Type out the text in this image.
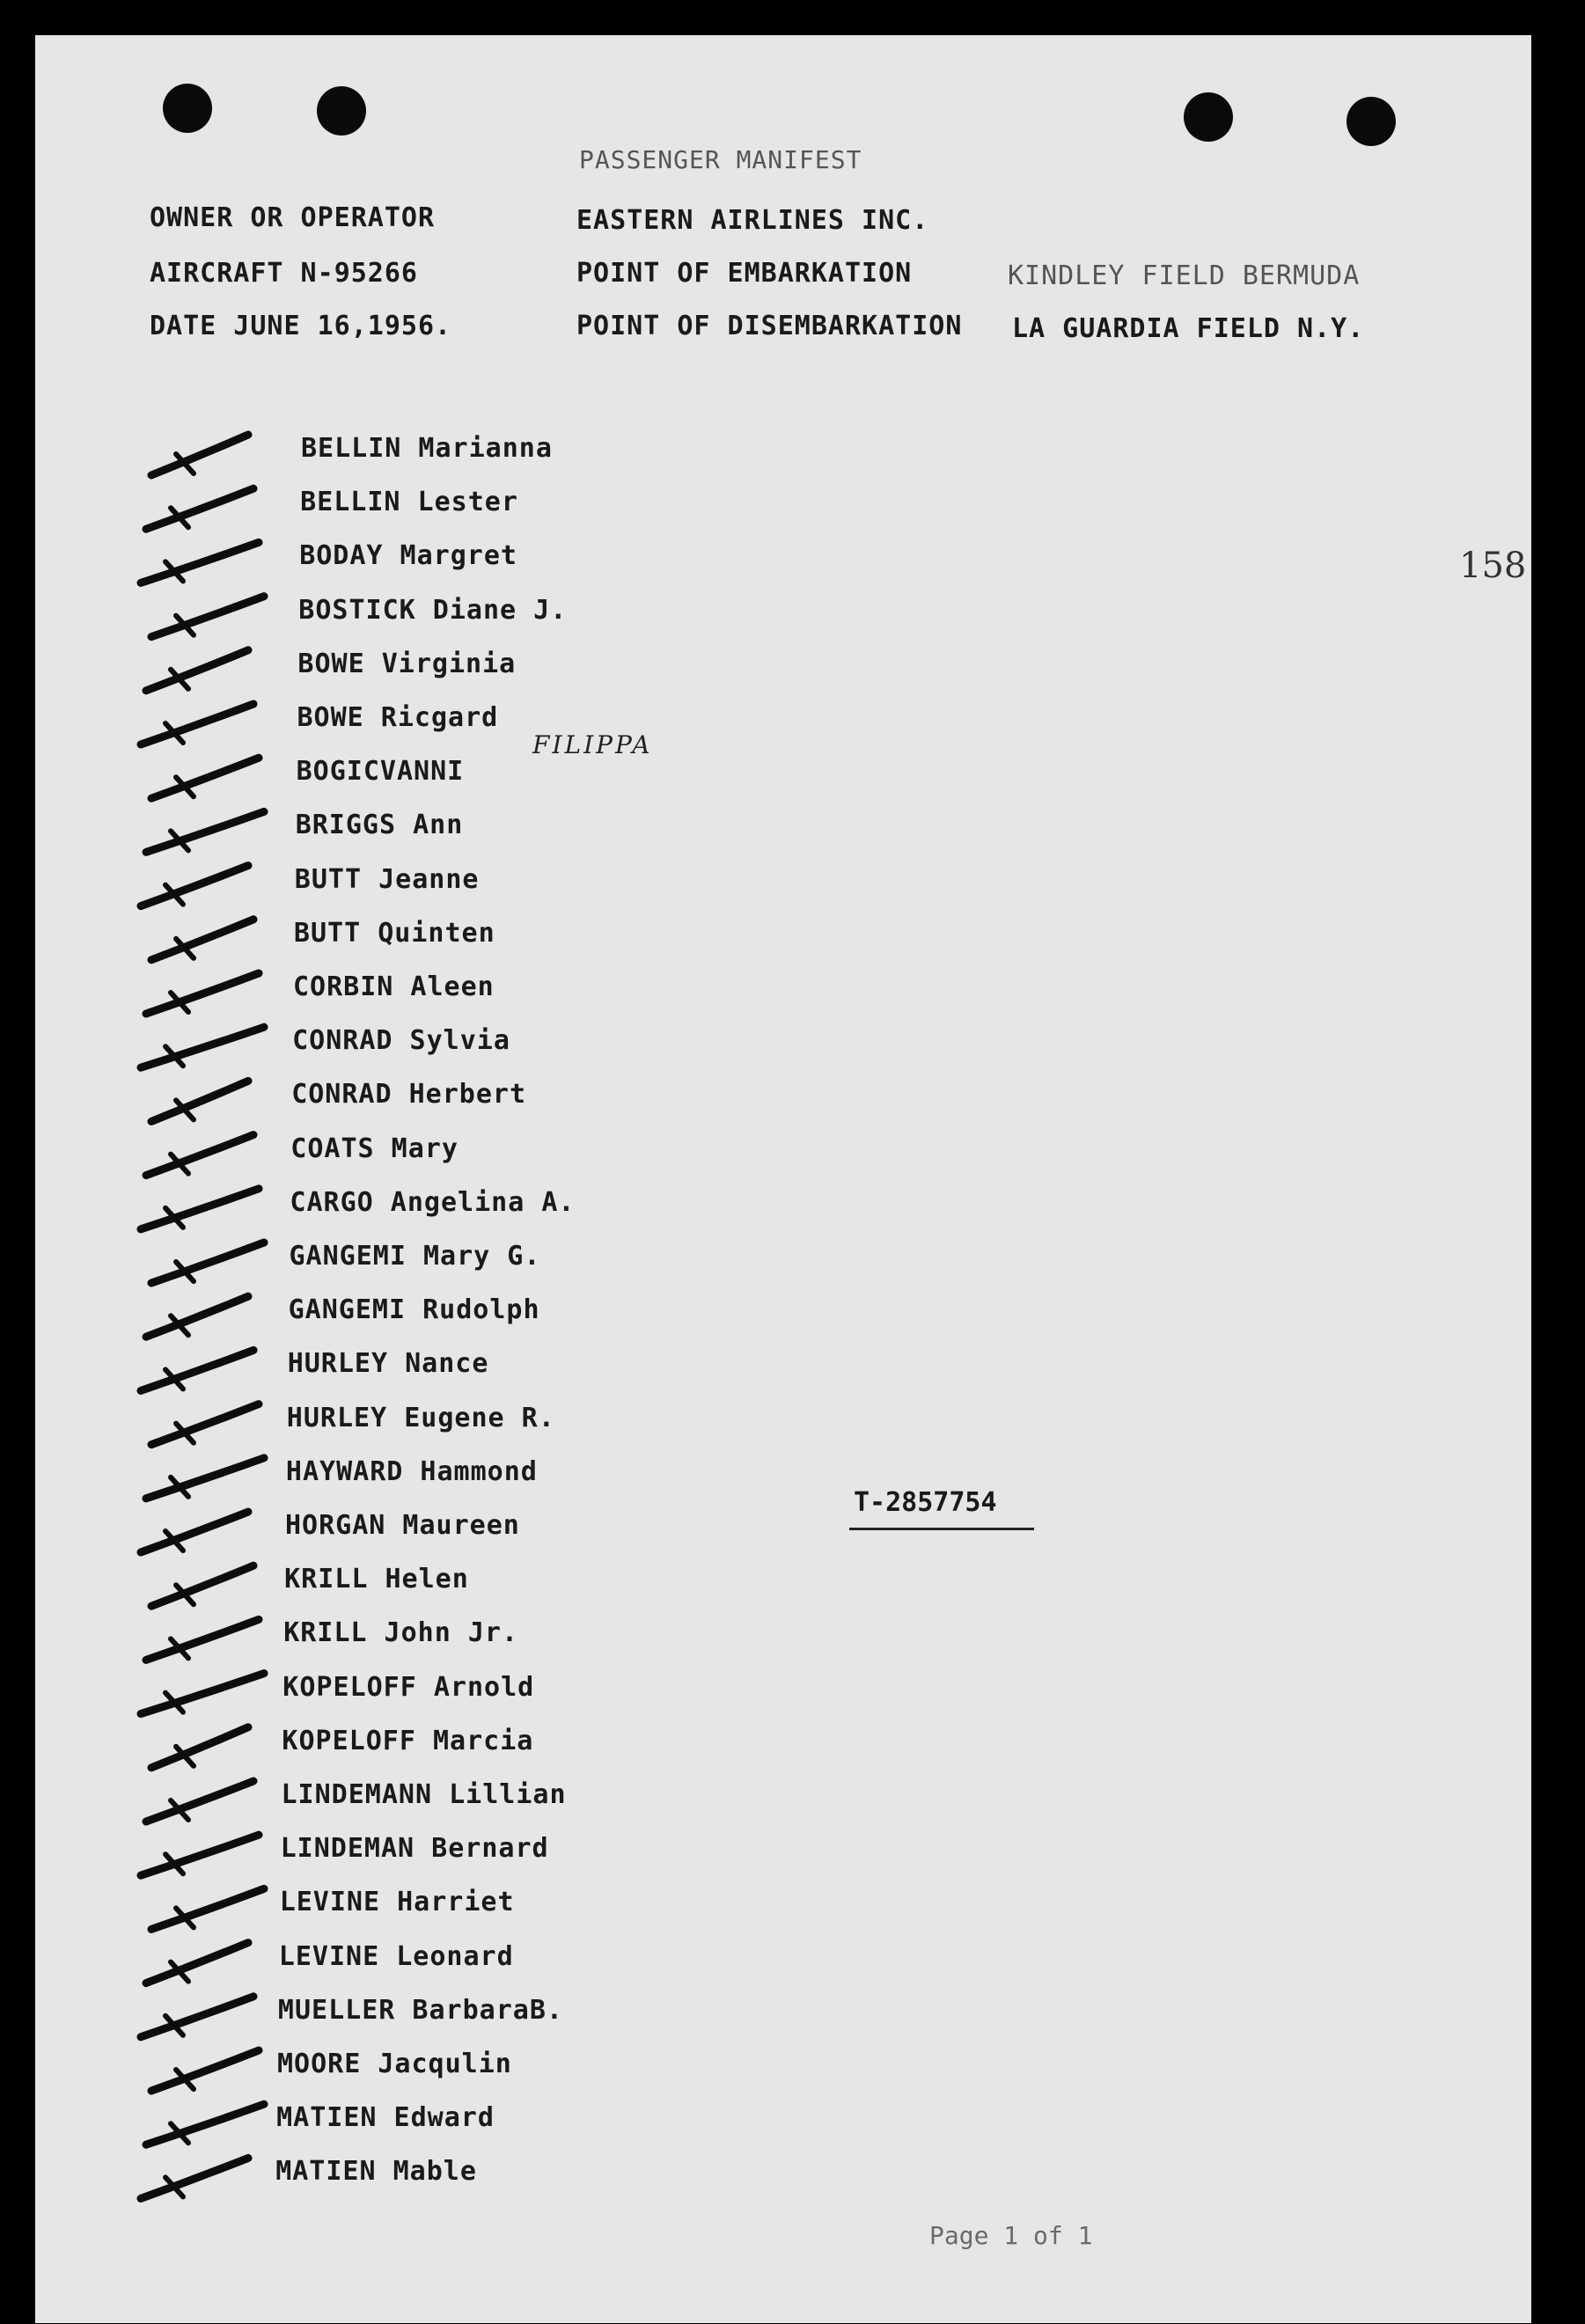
PASSENGER MANIFEST
OWNER OR OPERATOR	EASTERN AIRLINES INC.
AIRCRAFT N-95266	POINT OF EMBARKATION	KINDLEY FIELD BERMUDA
DATE JUNE 16,1956.	POINT OF DISEMBARKATION LA GUARDIA FIELD N.Y.
158
BELLIN Marianna
BELLIN Lester
BODAY Margret
BOSTICK Diane J.
BOWE Virginia
BOWE Ricgard
BOGICVANNI
BRIGGS Ann
BUTT Jeanne
BUTT Quinten
CORBIN Aleen
CONRAD Sylvia
CONRAD Herbert
COATS Mary
CARGO Angelina A.
GANGEMI Mary G.
GANGEMI Rudolph
HURLEY Nance
HURLEY Eugene R.
HAYWARD Hammond
HORGAN Maureen
KRILL Helen
KRILL John Jr.
KOPELOFF Arnold
KOPELOFF Marcia
LINDEMANN Lillian
LINDEMAN Bernard
LEVINE Harriet
LEVINE Leonard
MUELLER BarbaraB.
MOORE Jacqulin
MATIEN Edward
MATIEN Mable
FILIPPA
T-2857754
Page 1 of 1
